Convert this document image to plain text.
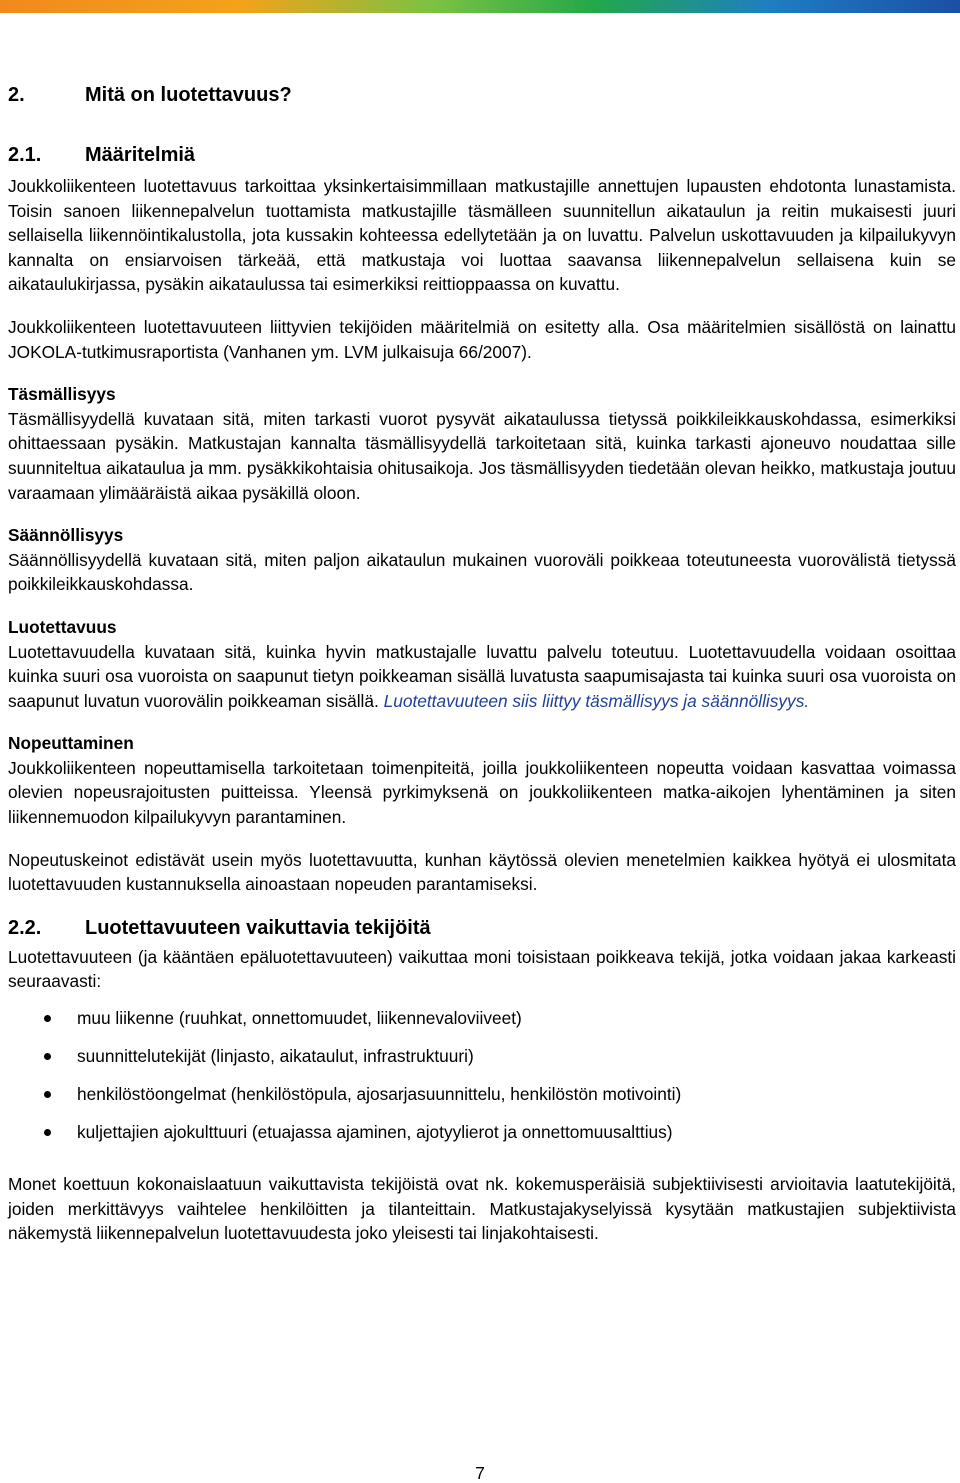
2.	Mitä on luotettavuus?
2.1.	Määritelmiä

Joukkoliikenteen luotettavuus tarkoittaa yksinkertaisimmillaan matkustajille annettujen lupausten ehdotonta lunastamista. Toisin sanoen liikennepalvelun tuottamista matkustajille täsmälleen suunnitellun aikataulun ja reitin mukaisesti juuri sellaisella liikennöintikalustolla, jota kussakin kohteessa edellytetään ja on luvattu. Palvelun uskottavuuden ja kilpailukyvyn kannalta on ensiarvoisen tärkeää, että matkustaja voi luottaa saavansa liikennepalvelun sellaisena kuin se aikataulukirjassa, pysäkin aikataulussa tai esimerkiksi reittioppaassa on kuvattu.

Joukkoliikenteen luotettavuuteen liittyvien tekijöiden määritelmiä on esitetty alla. Osa määritelmien sisällöstä on lainattu JOKOLA-tutkimusraportista (Vanhanen ym. LVM julkaisuja 66/2007).

Täsmällisyys

Täsmällisyydellä kuvataan sitä, miten tarkasti vuorot pysyvät aikataulussa tietyssä poikkileikkauskohdassa, esimerkiksi ohittaessaan pysäkin. Matkustajan kannalta täsmällisyydellä tarkoitetaan sitä, kuinka tarkasti ajoneuvo noudattaa sille suunniteltua aikataulua ja mm. pysäkkikohtaisia ohitusaikoja. Jos täsmällisyyden tiedetään olevan heikko, matkustaja joutuu varaamaan ylimääräistä aikaa pysäkillä oloon.

Säännöllisyys

Säännöllisyydellä kuvataan sitä, miten paljon aikataulun mukainen vuoroväli poikkeaa toteutuneesta vuorovälistä tietyssä poikkileikkauskohdassa.

Luotettavuus

Luotettavuudella kuvataan sitä, kuinka hyvin matkustajalle luvattu palvelu toteutuu. Luotettavuudella voidaan osoittaa kuinka suuri osa vuoroista on saapunut tietyn poikkeaman sisällä luvatusta saapumisajasta tai kuinka suuri osa vuoroista on saapunut luvatun vuorovälin poikkeaman sisällä. Luotettavuuteen siis liittyy täsmällisyys ja säännöllisyys.

Nopeuttaminen

Joukkoliikenteen nopeuttamisella tarkoitetaan toimenpiteitä, joilla joukkoliikenteen nopeutta voidaan kasvattaa voimassa olevien nopeusrajoitusten puitteissa. Yleensä pyrkimyksenä on joukkoliikenteen matka-aikojen lyhentäminen ja siten liikennemuodon kilpailukyvyn parantaminen.

Nopeutuskeinot edistävät usein myös luotettavuutta, kunhan käytössä olevien menetelmien kaikkea hyötyä ei ulosmitata luotettavuuden kustannuksella ainoastaan nopeuden parantamiseksi.

2.2.	Luotettavuuteen vaikuttavia tekijöitä

Luotettavuuteen (ja kääntäen epäluotettavuuteen) vaikuttaa moni toisistaan poikkeava tekijä, jotka voidaan jakaa karkeasti seuraavasti:

muu liikenne (ruuhkat, onnettomuudet, liikennevaloviiveet)
suunnittelutekijät (linjasto, aikataulut, infrastruktuuri)
henkilöstöongelmat (henkilöstöpula, ajosarjasuunnittelu, henkilöstön motivointi)
kuljettajien ajokulttuuri (etuajassa ajaminen, ajotyylierot ja onnettomuusalttius)

Monet koettuun kokonaislaatuun vaikuttavista tekijöistä ovat nk. kokemusperäisiä subjektiivisesti arvioitavia laatutekijöitä, joiden merkittävyys vaihtelee henkilöitten ja tilanteittain. Matkustajakyselyissä kysytään matkustajien subjektiivista näkemystä liikennepalvelun luotettavuudesta joko yleisesti tai linjakohtaisesti.

7
